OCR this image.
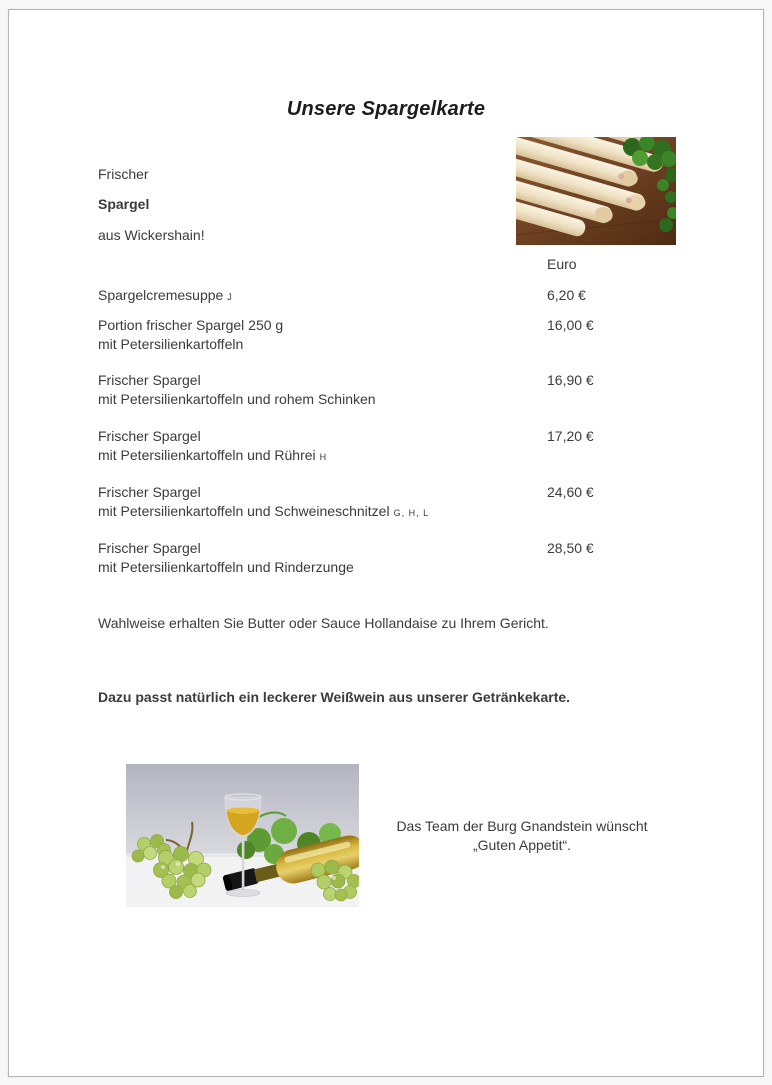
Unsere Spargelkarte
Frischer
Spargel
aus Wickershain!
Euro
Spargelcremesuppe J	6,20 €
Portion frischer Spargel 250 g
mit Petersilienkartoffeln
16,00 €
Frischer Spargel
mit Petersilienkartoffeln und rohem Schinken
16,90 €
Frischer Spargel
mit Petersilienkartoffeln und Rührei H
17,20 €
Frischer Spargel
mit Petersilienkartoffeln und Schweineschnitzel G, H, L
24,60 €
Frischer Spargel
mit Petersilienkartoffeln und Rinderzunge
28,50 €
Wahlweise erhalten Sie Butter oder Sauce Hollandaise zu Ihrem Gericht.
Dazu passt natürlich ein leckerer Weißwein aus unserer Getränkekarte.
Das Team der Burg Gnandstein wünscht
„Guten Appetit“.
